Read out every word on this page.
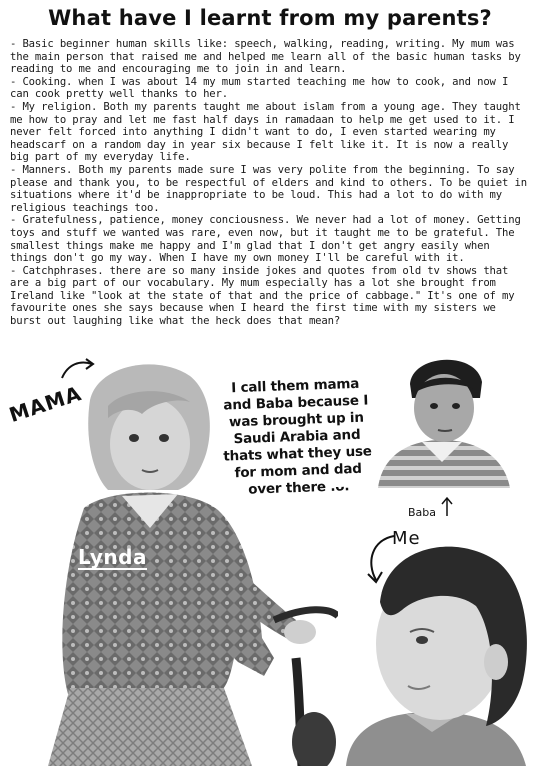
What have I learnt from my parents?

- Basic beginner human skills like: speech, walking, reading, writing. My mum was the main person that raised me and helped me learn all of the basic human tasks by reading to me and encouraging me to join in and learn.

- Cooking. when I was about 14 my mum started teaching me how to cook, and now I can cook pretty well thanks to her.

- My religion. Both my parents taught me about islam from a young age. They taught me how to pray and let me fast half days in ramadaan to help me get used to it. I never felt forced into anything I didn't want to do, I even started wearing my headscarf on a random day in year six because I felt like it. It is now a really big part of my everyday life.

- Manners. Both my parents made sure I was very polite from the beginning. To say please and thank you, to be respectful of elders and kind to others. To be quiet in situations where it'd be inappropriate to be loud. This had a lot to do with my religious teachings too.

- Gratefulness, patience, money conciousness. We never had a lot of money. Getting toys and stuff we wanted was rare, even now, but it taught me to be grateful. The smallest things make me happy and I'm glad that I don't get angry easily when things don't go my way. When I have my own money I'll be careful with it.

- Catchphrases. there are so many inside jokes and quotes from old tv shows that are a big part of our vocabulary. My mum especially has a lot she brought from Ireland like "look at the state of that and the price of cabbage." It's one of my favourite ones she says because when I heard the first time with my sisters we burst out laughing like what the heck does that mean?

MAMA
Lynda
I call them mama and Baba because I was brought up in Saudi Arabia and thats what they use for mom and dad over there .ᴗ.
Baba
Me
